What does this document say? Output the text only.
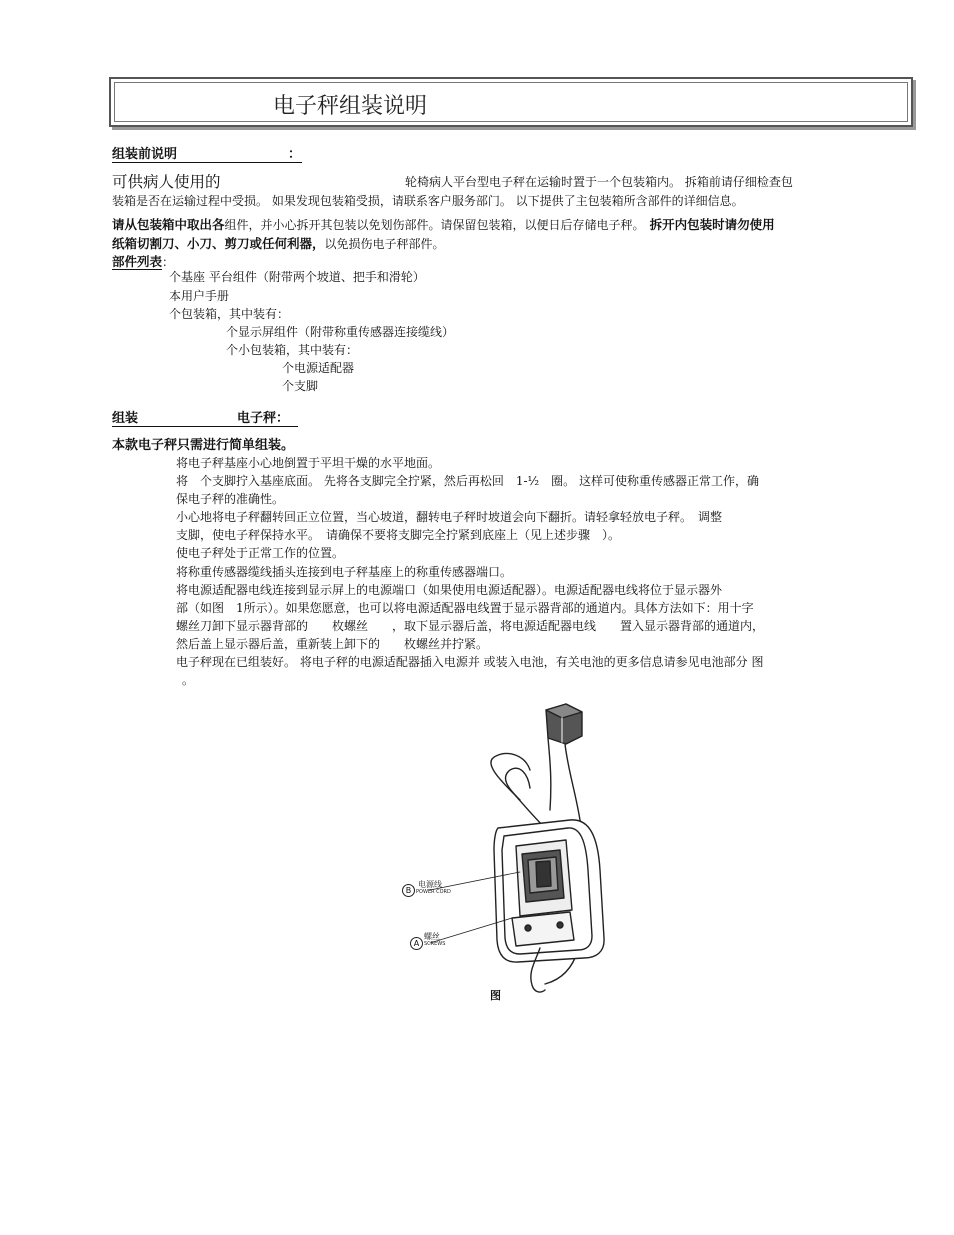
电子秤组装说明
组装前说明	：
可供病人使用的	轮椅病人平台型电子秤在运输时置于一个包装箱内。 拆箱前请仔细检查包
装箱是否在运输过程中受损。 如果发现包装箱受损，请联系客户服务部门。 以下提供了主包装箱所含部件的详细信息。
请从包装箱中取出各组件，并小心拆开其包装以免划伤部件。请保留包装箱，以便日后存储电子秤。 拆开内包装时请勿使用
纸箱切割刀、小刀、剪刀或任何利器，以免损伤电子秤部件。
部件列表：
个基座 平台组件（附带两个坡道、把手和滑轮）
本用户手册
个包装箱，其中装有：
个显示屏组件（附带称重传感器连接缆线）
个小包装箱，其中装有：
个电源适配器
个支脚
组装	电子秤：
本款电子秤只需进行简单组装。
将电子秤基座小心地倒置于平坦干燥的水平地面。
将　个支脚拧入基座底面。 先将各支脚完全拧紧，然后再松回　1-½　圈。 这样可使称重传感器正常工作，确
保电子秤的准确性。
小心地将电子秤翻转回正立位置，当心坡道，翻转电子秤时坡道会向下翻折。请轻拿轻放电子秤。　调整
支脚，使电子秤保持水平。　请确保不要将支脚完全拧紧到底座上（见上述步骤　）。
使电子秤处于正常工作的位置。
将称重传感器缆线插头连接到电子秤基座上的称重传感器端口。
将电源适配器电线连接到显示屏上的电源端口（如果使用电源适配器）。电源适配器电线将位于显示器外
部（如图　1所示）。如果您愿意，也可以将电源适配器电线置于显示器背部的通道内。具体方法如下：用十字
螺丝刀卸下显示器背部的　　枚螺丝　　，取下显示器后盖，将电源适配器电线　　置入显示器背部的通道内，
然后盖上显示器后盖，重新装上卸下的　　枚螺丝并拧紧。
电子秤现在已组装好。 将电子秤的电源适配器插入电源并 或装入电池，有关电池的更多信息请参见电池部分 图
。
B
电源线
POWER CORD
A
螺丝
SCREWS
图
